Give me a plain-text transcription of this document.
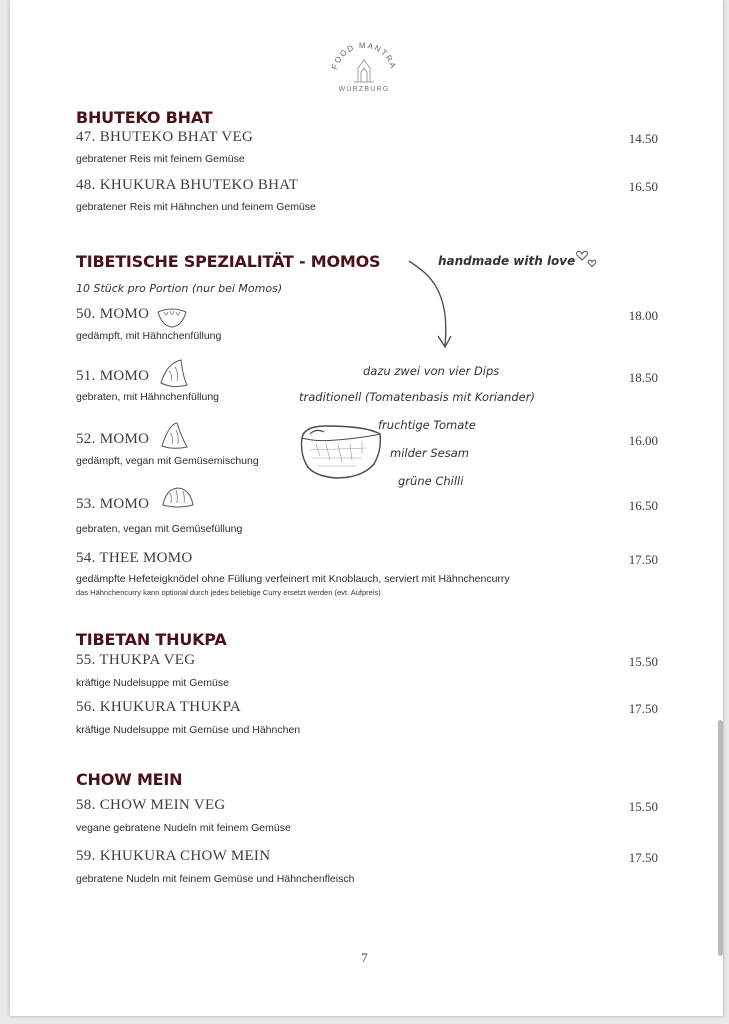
FOOD MANTRA
WÜRZBURG
BHUTEKO BHAT
47. BHUTEKO BHAT VEG	14.50
gebratener Reis mit feinem Gemüse
48. KHUKURA BHUTEKO BHAT	16.50
gebratener Reis mit Hähnchen und feinem Gemüse
TIBETISCHE SPEZIALITÄT - MOMOS	handmade with love
10 Stück pro Portion (nur bei Momos)
50. MOMO	18.00
gedämpft, mit Hähnchenfüllung
51. MOMO	18.50
gebraten, mit Hähnchenfüllung
52. MOMO	16.00
gedämpft, vegan mit Gemüsemischung
53. MOMO	16.50
gebraten, vegan mit Gemüsefüllung
54. THEE MOMO	17.50
gedämpfte Hefeteigknödel ohne Füllung verfeinert mit Knoblauch, serviert mit Hähnchencurry
das Hähnchencurry kann optional durch jedes beliebige Curry ersetzt werden (evt. Aufpreis)
dazu zwei von vier Dips
traditionell (Tomatenbasis mit Koriander)
fruchtige Tomate
milder Sesam
grüne Chilli
TIBETAN THUKPA
55. THUKPA VEG	15.50
kräftige Nudelsuppe mit Gemüse
56. KHUKURA THUKPA	17.50
kräftige Nudelsuppe mit Gemüse und Hähnchen
CHOW MEIN
58. CHOW MEIN VEG	15.50
vegane gebratene Nudeln mit feinem Gemüse
59. KHUKURA CHOW MEIN	17.50
gebratene Nudeln mit feinem Gemüse und Hähnchenfleisch
7
